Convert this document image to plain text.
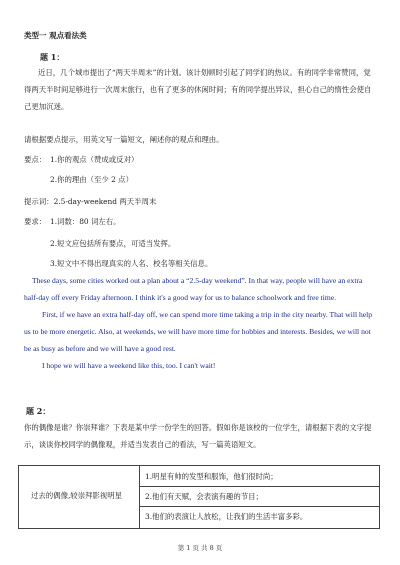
类型一 观点看法类
题 1：
近日，几个城市提出了“两天半周末”的计划。该计划顿时引起了同学们的热议。有的同学非常赞同，觉得两天半时间足够进行一次周末旅行，也有了更多的休闲时间；有的同学提出异议，担心自己的惰性会使自己更加沉迷。
请根据要点提示，用英文写一篇短文，阐述你的观点和理由。
要点： 1.你的观点（赞成或反对）
2.你的理由（至少 2 点）
提示词：2.5-day-weekend 两天半周末
要求： 1.词数：80 词左右。
2.短文应包括所有要点，可适当发挥。
3.短文中不得出现真实的人名、校名等相关信息。
These days, some cities worked out a plan about a “2.5-day weekend”. In that way, people will have an extra half-day off every Friday afternoon. I think it's a good way for us to balance schoolwork and free time.
First, if we have an extra half-day off, we can spend more time taking a trip in the city nearby. That will help us to be more energetic. Also, at weekends, we will have more time for hobbies and interests. Besides, we will not be as busy as before and we will have a good rest.
I hope we will have a weekend like this, too. I can't wait!
题 2：
你的偶像是谁？你崇拜谁？下表是某中学一份学生的回答。假如你是该校的一位学生，请根据下表的文字提示，谈谈你校同学的偶像观，并适当发表自己的看法，写一篇英语短文。
过去的偶像,较崇拜影视明星
1.明星有帅的发型和服饰，他们很时尚；
2.他们有天赋，会表演有趣的节目；
3.他们的表演让人放松，让我们的生活丰富多彩。
第 1 页 共 8 页
